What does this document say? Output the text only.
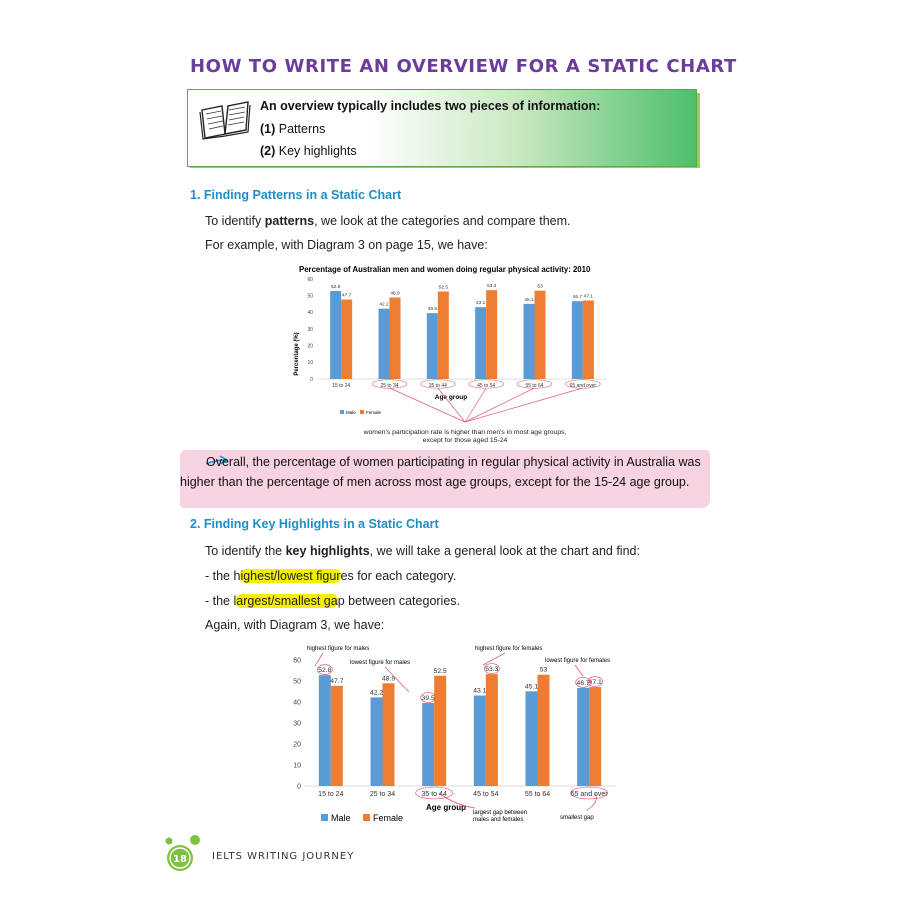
HOW TO WRITE AN OVERVIEW FOR A STATIC CHART
An overview typically includes two pieces of information:
(1) Patterns
(2) Key highlights
1. Finding Patterns in a Static Chart
To identify patterns, we look at the categories and compare them.
For example, with Diagram 3 on page 15, we have:
Percentage of Australian men and women doing regular physical activity: 2010
0
10
20
30
40
50
60
52.8
47.7
15 to 24
42.2
48.9
25 to 34
39.5
52.5
35 to 44
43.1
53.3
45 to 54
45.1
53
55 to 64
46.7 47.1
65 and over
Percentage (%)
Age group
Male Female
women's participation rate is higher than men's in most age groups,
except for those aged 15-24
Overall, the percentage of women participating in regular physical activity in Australia was higher than the percentage of men across most age groups, except for the 15-24 age group.
2. Finding Key Highlights in a Static Chart
To identify the key highlights, we will take a general look at the chart and find:
- the highest/lowest figures for each category.
- the largest/smallest gap between categories.
Again, with Diagram 3, we have:
0
10
20
30
40
50
60
52.8
47.7
15 to 24
42.2
48.9
25 to 34
39.5
52.5
35 to 44
43.1
53.3
45 to 54
45.1
53
55 to 64
46.7
47.1
65 and over
Age group
Male Female
highest figure for males
lowest figure for males
highest figure for females
lowest figure for females
largest gap between
males and females	smallest gap
18	IELTS WRITING JOURNEY
